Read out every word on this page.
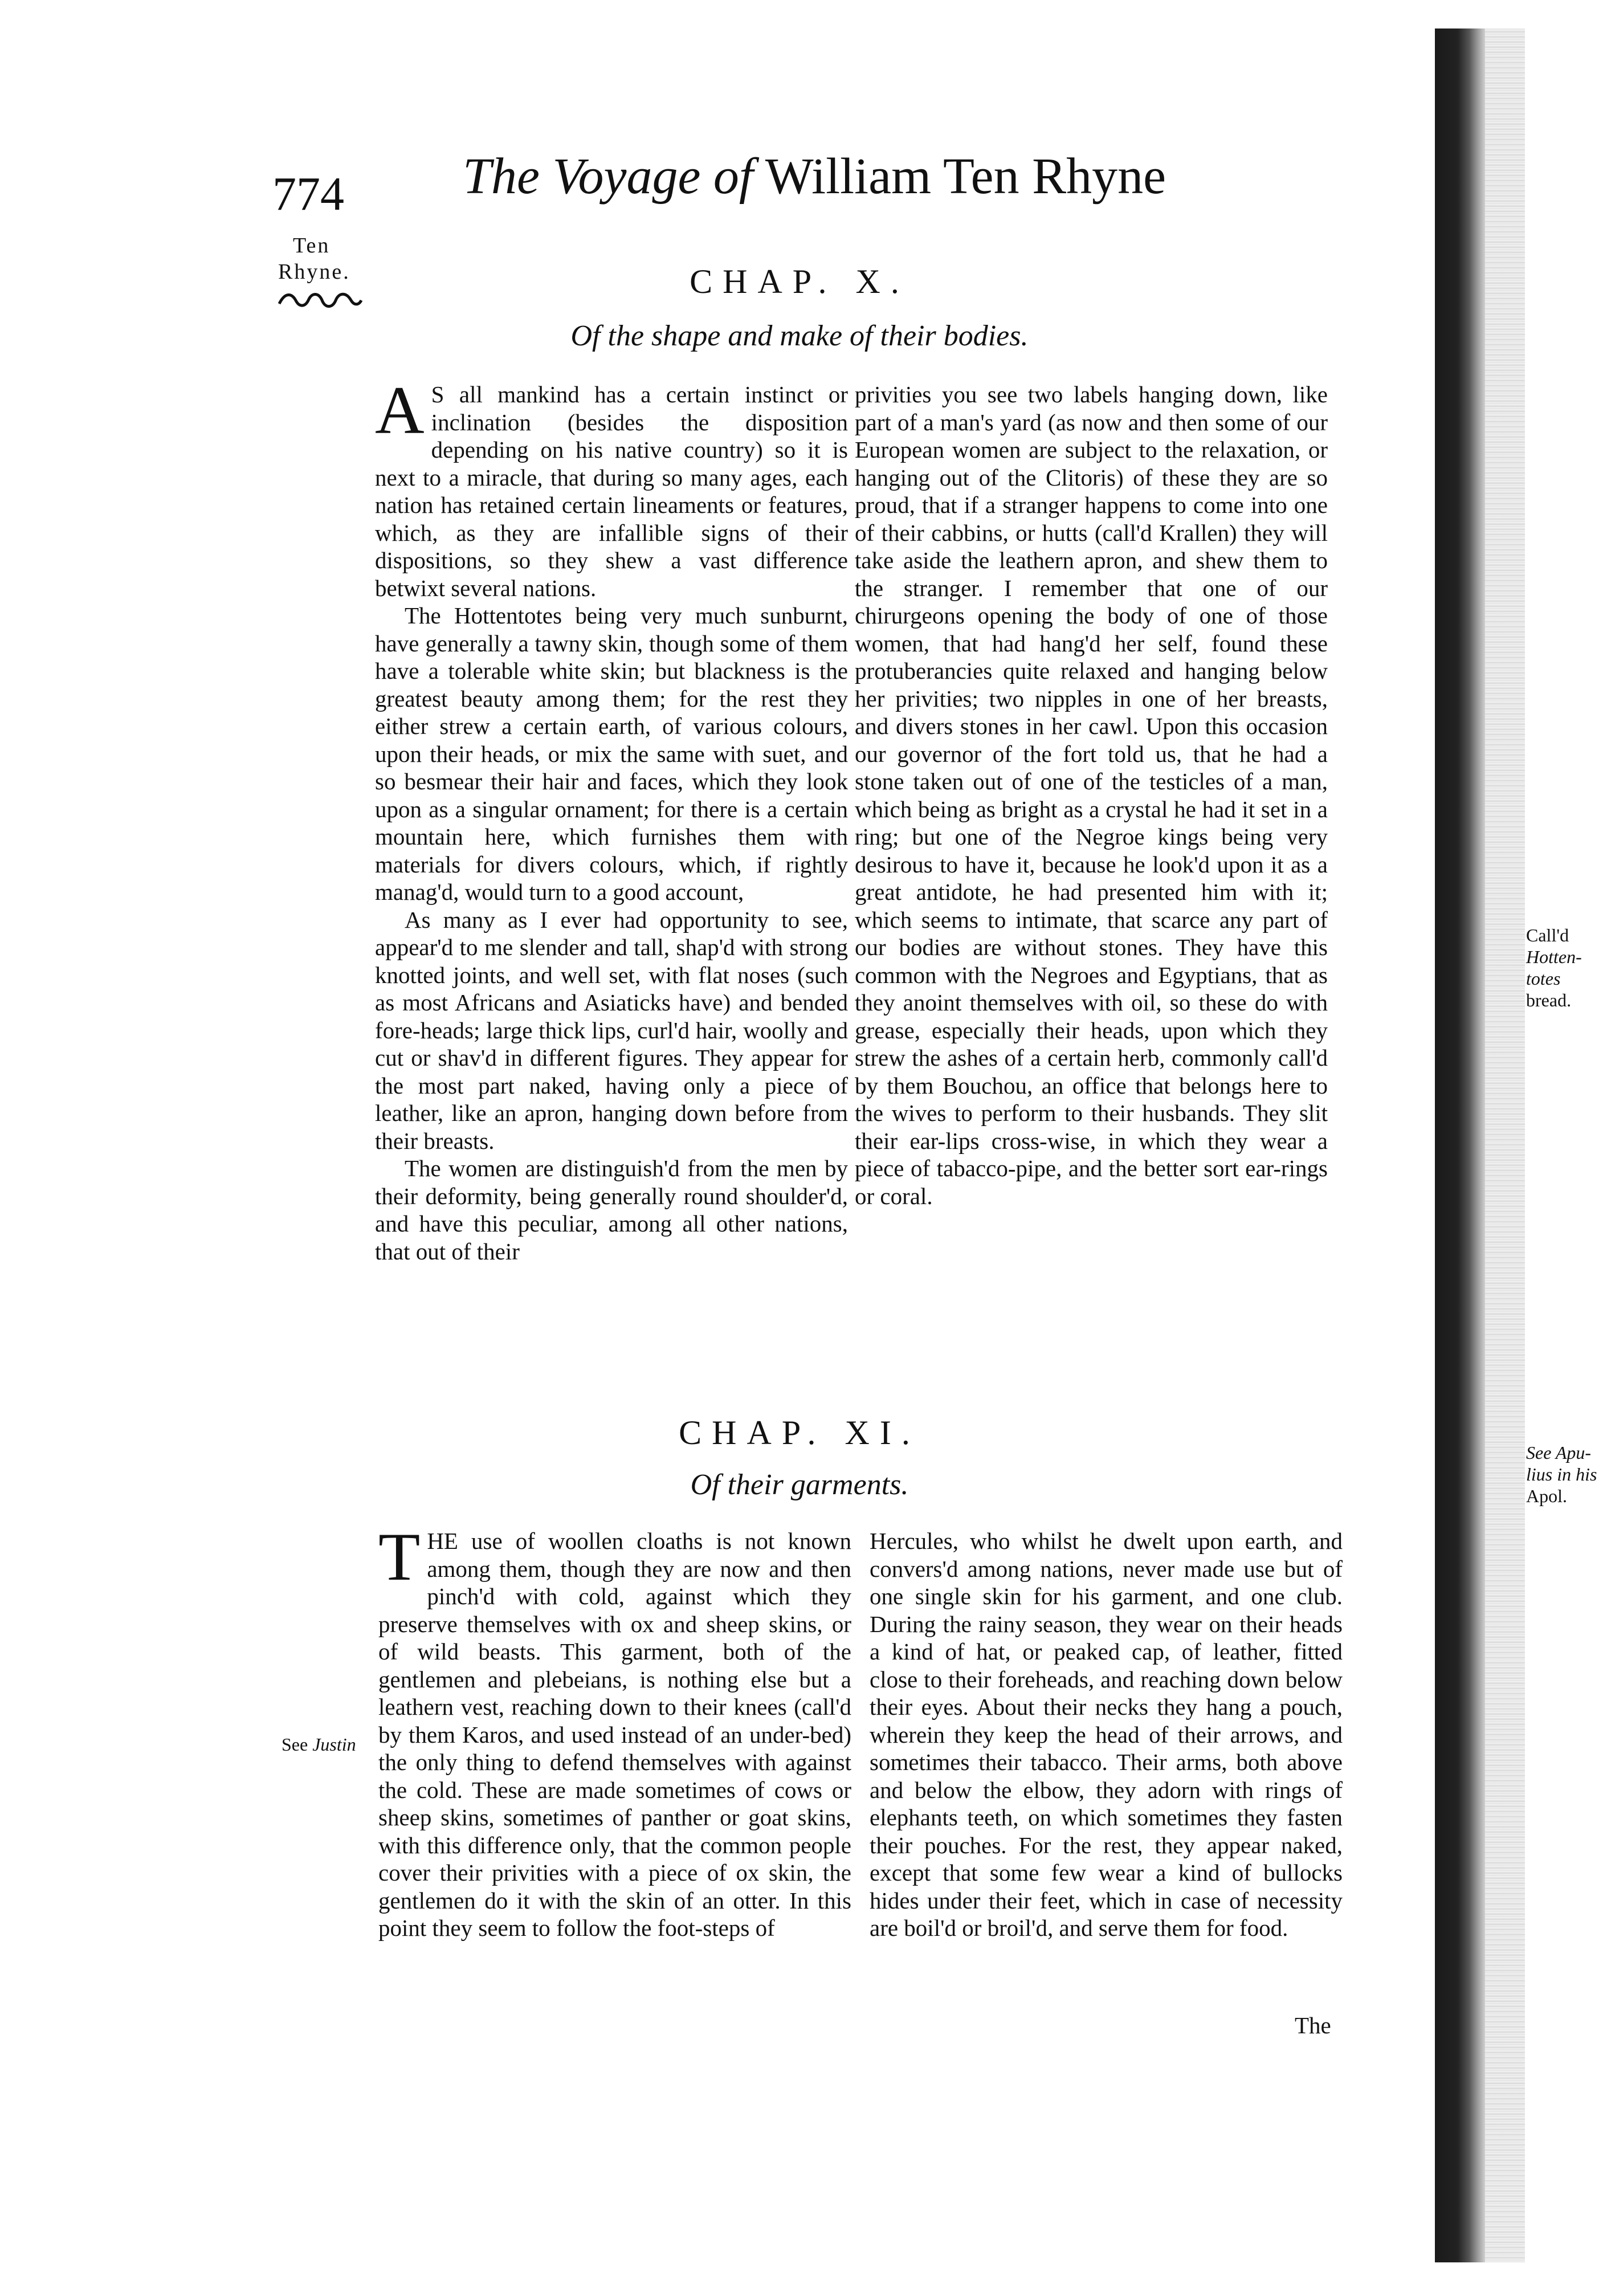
774 The Voyage of William Ten Rhyne
Ten
Rhyne.	CHAP. X.
Of the shape and make of their bodies.

A S all mankind has a certain instinct or inclination (besides the disposition depending on his native country) so it is next to a miracle, that during so many ages, each nation has retained certain lineaments or features, which, as they are infallible signs of their dispositions, so they shew a vast difference betwixt several nations.

The Hottentotes being very much sunburnt, have generally a tawny skin, though some of them have a tolerable white skin; but blackness is the greatest beauty among them; for the rest they either strew a certain earth, of various colours, upon their heads, or mix the same with suet, and so besmear their hair and faces, which they look upon as a singular ornament; for there is a certain mountain here, which furnishes them with materials for divers colours, which, if rightly manag'd, would turn to a good account,

As many as I ever had opportunity to see, appear'd to me slender and tall, shap'd with strong knotted joints, and well set, with flat noses (such as most Africans and Asiaticks have) and bended fore-heads; large thick lips, curl'd hair, woolly and cut or shav'd in different figures. They appear for the most part naked, having only a piece of leather, like an apron, hanging down before from their breasts.

The women are distinguish'd from the men by their deformity, being generally round shoulder'd, and have this peculiar, among all other nations, that out of their

privities you see two labels hanging down, like part of a man's yard (as now and then some of our European women are subject to the relaxation, or hanging out of the Clitoris) of these they are so proud, that if a stranger happens to come into one of their cabbins, or hutts (call'd Krallen) they will take aside the leathern apron, and shew them to the stranger. I remember that one of our chirurgeons opening the body of one of those women, that had hang'd her self, found these protuberancies quite relaxed and hanging below her privities; two nipples in one of her breasts, and divers stones in her cawl. Upon this occasion our governor of the fort told us, that he had a stone taken out of one of the testicles of a man, which being as bright as a crystal he had it set in a ring; but one of the Negroe kings being very desirous to have it, because he look'd upon it as a great antidote, he had presented him with it; which seems to intimate, that scarce any part of our bodies are without stones. They have this common with the Negroes and Egyptians, that as they anoint themselves with oil, so these do with grease, especially their heads, upon which they strew the ashes of a certain herb, commonly call'd by them Bouchou, an office that belongs here to the wives to perform to their husbands. They slit their ear-lips cross-wise, in which they wear a piece of tabacco-pipe, and the better sort ear-rings or coral.

Call'd
Hotten-
totes
bread.
See Apu-
lius in his
Apol.
CHAP. XI.
Of their garments.

THE use of woollen cloaths is not known among them, though they are now and then pinch'd with cold, against which they preserve themselves with ox and sheep skins, or of wild beasts. This garment, both of the gentlemen and plebeians, is nothing else but a leathern vest, reaching down to their knees (call'd by them Karos, and used instead of an under-bed) the only thing to defend themselves with against the cold. These are made sometimes of cows or sheep skins, sometimes of panther or goat skins, with this difference only, that the common people cover their privities with a piece of ox skin, the gentlemen do it with the skin of an otter. In this point they seem to follow the foot-steps of

Hercules, who whilst he dwelt upon earth, and convers'd among nations, never made use but of one single skin for his garment, and one club. During the rainy season, they wear on their heads a kind of hat, or peaked cap, of leather, fitted close to their foreheads, and reaching down below their eyes. About their necks they hang a pouch, wherein they keep the head of their arrows, and sometimes their tabacco. Their arms, both above and below the elbow, they adorn with rings of elephants teeth, on which sometimes they fasten their pouches. For the rest, they appear naked, except that some few wear a kind of bullocks hides under their feet, which in case of necessity are boil'd or broil'd, and serve them for food.

See Justin
The
